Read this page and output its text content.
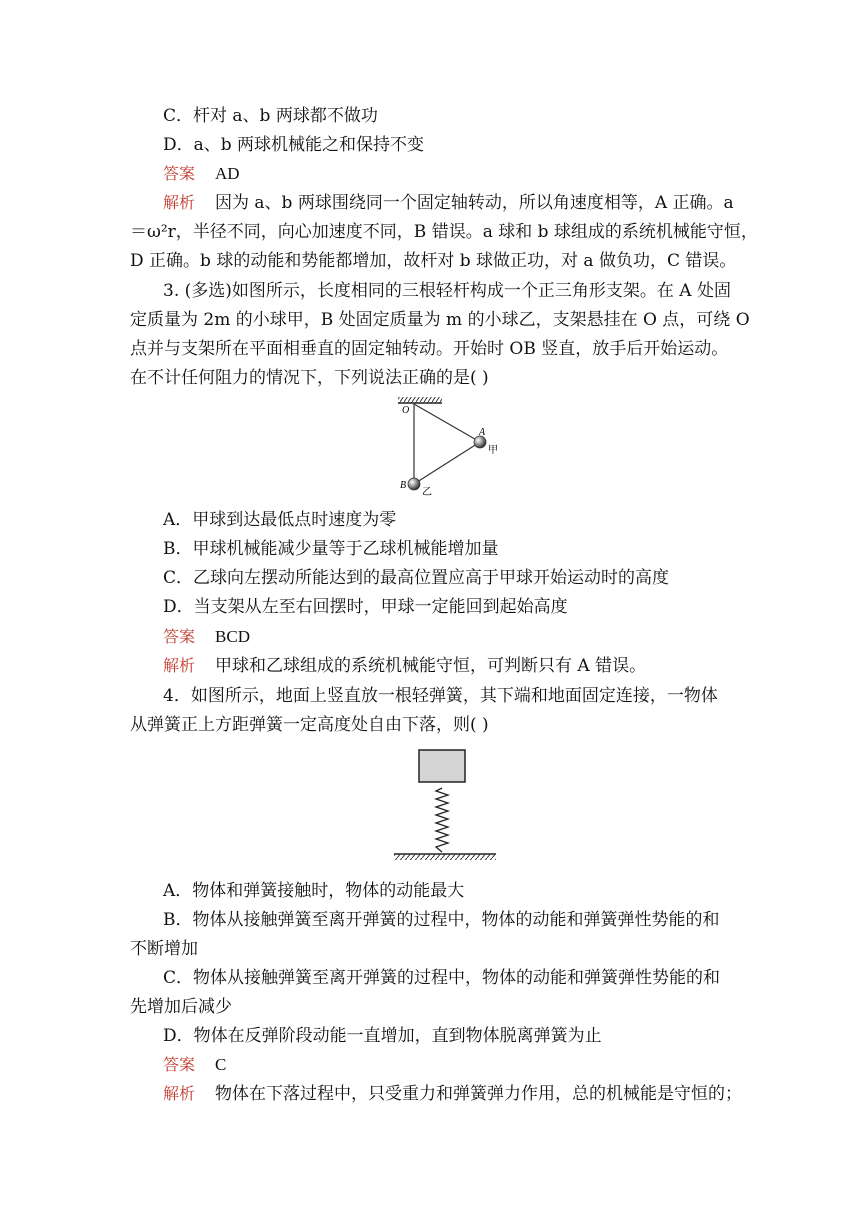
C．杆对 a、b 两球都不做功
D．a、b 两球机械能之和保持不变
答案 AD
解析 因为 a、b 两球围绕同一个固定轴转动，所以角速度相等，A 正确。a
＝ω²r，半径不同，向心加速度不同，B 错误。a 球和 b 球组成的系统机械能守恒，
D 正确。b 球的动能和势能都增加，故杆对 b 球做正功，对 a 做负功，C 错误。
3. (多选)如图所示，长度相同的三根轻杆构成一个正三角形支架。在 A 处固
定质量为 2m 的小球甲，B 处固定质量为 m 的小球乙，支架悬挂在 O 点，可绕 O
点并与支架所在平面相垂直的固定轴转动。开始时 OB 竖直，放手后开始运动。
在不计任何阻力的情况下，下列说法正确的是( )
O
A
甲
B
乙
A．甲球到达最低点时速度为零
B．甲球机械能减少量等于乙球机械能增加量
C．乙球向左摆动所能达到的最高位置应高于甲球开始运动时的高度
D．当支架从左至右回摆时，甲球一定能回到起始高度
答案 BCD
解析 甲球和乙球组成的系统机械能守恒，可判断只有 A 错误。
4．如图所示，地面上竖直放一根轻弹簧，其下端和地面固定连接，一物体
从弹簧正上方距弹簧一定高度处自由下落，则( )
A．物体和弹簧接触时，物体的动能最大
B．物体从接触弹簧至离开弹簧的过程中，物体的动能和弹簧弹性势能的和
不断增加
C．物体从接触弹簧至离开弹簧的过程中，物体的动能和弹簧弹性势能的和
先增加后减少
D．物体在反弹阶段动能一直增加，直到物体脱离弹簧为止
答案 C
解析 物体在下落过程中，只受重力和弹簧弹力作用，总的机械能是守恒的；
